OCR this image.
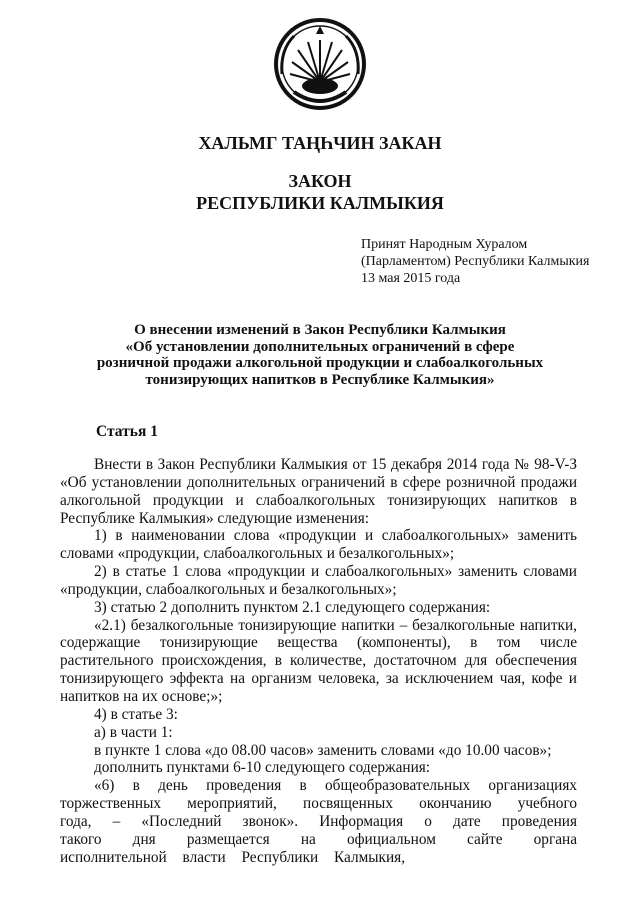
ХАЛЬМГ ТАҢҺЧИН ЗАКАН
ЗАКОН
РЕСПУБЛИКИ КАЛМЫКИЯ
Принят Народным Хуралом
(Парламентом) Республики Калмыкия
13 мая 2015 года
О внесении изменений в Закон Республики Калмыкия
«Об установлении дополнительных ограничений в сфере
розничной продажи алкогольной продукции и слабоалкогольных
тонизирующих напитков в Республике Калмыкия»
Статья 1

Внести в Закон Республики Калмыкия от 15 декабря 2014 года № 98-V-З «Об установлении дополнительных ограничений в сфере розничной продажи алкогольной продукции и слабоалкогольных тонизирующих напитков в Республике Калмыкия» следующие изменения:

1) в наименовании слова «продукции и слабоалкогольных» заменить словами «продукции, слабоалкогольных и безалкогольных»;

2) в статье 1 слова «продукции и слабоалкогольных» заменить словами «продукции, слабоалкогольных и безалкогольных»;

3) статью 2 дополнить пунктом 2.1 следующего содержания:

«2.1) безалкогольные тонизирующие напитки – безалкогольные напитки, содержащие тонизирующие вещества (компоненты), в том числе растительного происхождения, в количестве, достаточном для обеспечения тонизирующего эффекта на организм человека, за исключением чая, кофе и напитков на их основе;»;

4) в статье 3:

а) в части 1:

в пункте 1 слова «до 08.00 часов» заменить словами «до 10.00 часов»;

дополнить пунктами 6-10 следующего содержания:

«6) в день проведения в общеобразовательных организациях торжественных мероприятий, посвященных окончанию учебного года, – «Последний звонок». Информация о дате проведения такого дня размещается на официальном сайте органа исполнительной власти Республики Калмыкия,
